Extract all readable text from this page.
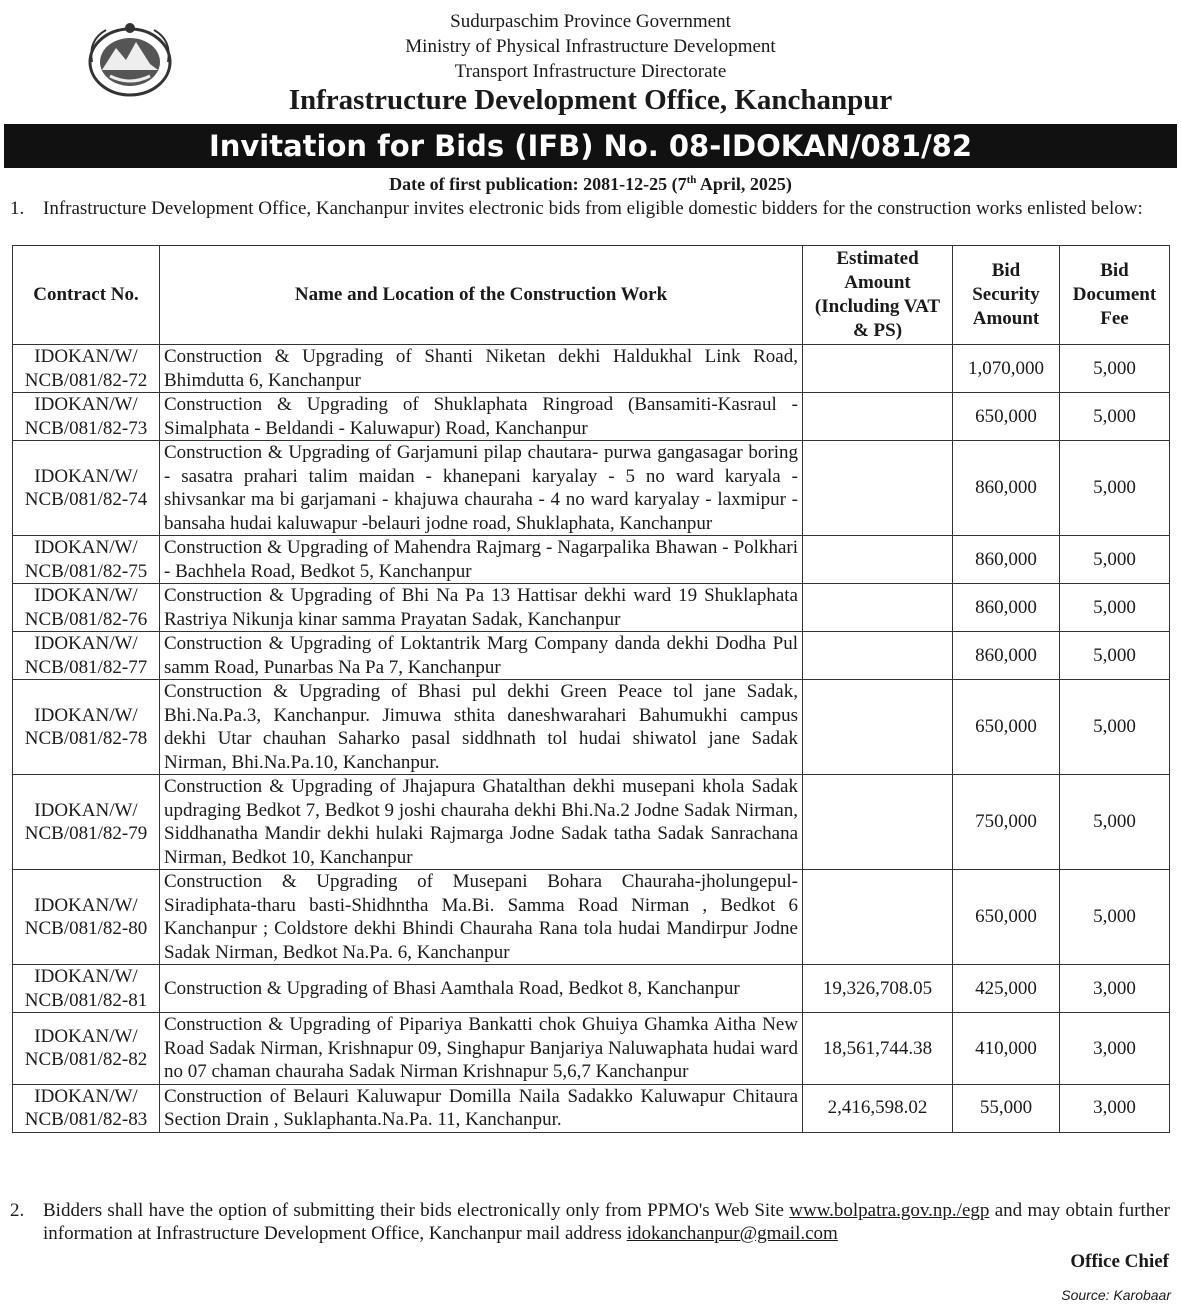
Sudurpaschim Province Government
Ministry of Physical Infrastructure Development
Transport Infrastructure Directorate
Infrastructure Development Office, Kanchanpur
Invitation for Bids (IFB) No. 08-IDOKAN/081/82
Date of first publication: 2081-12-25 (7th April, 2025)
1. Infrastructure Development Office, Kanchanpur invites electronic bids from eligible domestic bidders for the construction works enlisted below:
Contract No.	Name and Location of the Construction Work	Estimated Amount (Including VAT & PS)	Bid Security Amount	Bid Document Fee

IDOKAN/W/
NCB/081/82-72	Construction & Upgrading of Shanti Niketan dekhi Haldukhal Link Road, Bhimdutta 6, Kanchanpur		1,070,000	5,000

IDOKAN/W/
NCB/081/82-73	Construction & Upgrading of Shuklaphata Ringroad (Bansamiti-Kasraul - Simalphata - Beldandi - Kaluwapur) Road, Kanchanpur		650,000	5,000

IDOKAN/W/
NCB/081/82-74	Construction & Upgrading of Garjamuni pilap chautara- purwa gangasagar boring - sasatra prahari talim maidan - khanepani karyalay - 5 no ward karyala - shivsankar ma bi garjamani - khajuwa chauraha - 4 no ward karyalay - laxmipur - bansaha hudai kaluwapur -belauri jodne road, Shuklaphata, Kanchanpur		860,000	5,000

IDOKAN/W/
NCB/081/82-75	Construction & Upgrading of Mahendra Rajmarg - Nagarpalika Bhawan - Polkhari - Bachhela Road, Bedkot 5, Kanchanpur		860,000	5,000

IDOKAN/W/
NCB/081/82-76	Construction & Upgrading of Bhi Na Pa 13 Hattisar dekhi ward 19 Shuklaphata Rastriya Nikunja kinar samma Prayatan Sadak, Kanchanpur		860,000	5,000

IDOKAN/W/
NCB/081/82-77	Construction & Upgrading of Loktantrik Marg Company danda dekhi Dodha Pul samm Road, Punarbas Na Pa 7, Kanchanpur		860,000	5,000

IDOKAN/W/
NCB/081/82-78	Construction & Upgrading of Bhasi pul dekhi Green Peace tol jane Sadak, Bhi.Na.Pa.3, Kanchanpur. Jimuwa sthita daneshwarahari Bahumukhi campus dekhi Utar chauhan Saharko pasal siddhnath tol hudai shiwatol jane Sadak Nirman, Bhi.Na.Pa.10, Kanchanpur.		650,000	5,000

IDOKAN/W/
NCB/081/82-79	Construction & Upgrading of Jhajapura Ghatalthan dekhi musepani khola Sadak updraging Bedkot 7, Bedkot 9 joshi chauraha dekhi Bhi.Na.2 Jodne Sadak Nirman, Siddhanatha Mandir dekhi hulaki Rajmarga Jodne Sadak tatha Sadak Sanrachana Nirman, Bedkot 10, Kanchanpur		750,000	5,000

IDOKAN/W/
NCB/081/82-80	Construction & Upgrading of Musepani Bohara Chauraha-jholungepul-Siradiphata-tharu basti-Shidhntha Ma.Bi. Samma Road Nirman , Bedkot 6 Kanchanpur ; Coldstore dekhi Bhindi Chauraha Rana tola hudai Mandirpur Jodne Sadak Nirman, Bedkot Na.Pa. 6, Kanchanpur		650,000	5,000

IDOKAN/W/
NCB/081/82-81	Construction & Upgrading of Bhasi Aamthala Road, Bedkot 8, Kanchanpur	19,326,708.05	425,000	3,000

IDOKAN/W/
NCB/081/82-82	Construction & Upgrading of Pipariya Bankatti chok Ghuiya Ghamka Aitha New Road Sadak Nirman, Krishnapur 09, Singhapur Banjariya Naluwaphata hudai ward no 07 chaman chauraha Sadak Nirman Krishnapur 5,6,7 Kanchanpur	18,561,744.38	410,000	3,000

IDOKAN/W/
NCB/081/82-83	Construction of Belauri Kaluwapur Domilla Naila Sadakko Kaluwapur Chitaura Section Drain , Suklaphanta.Na.Pa. 11, Kanchanpur.	2,416,598.02	55,000	3,000
2. Bidders shall have the option of submitting their bids electronically only from PPMO's Web Site www.bolpatra.gov.np./egp and may obtain further information at Infrastructure Development Office, Kanchanpur mail address idokanchanpur@gmail.com
Office Chief
Source: Karobaar
